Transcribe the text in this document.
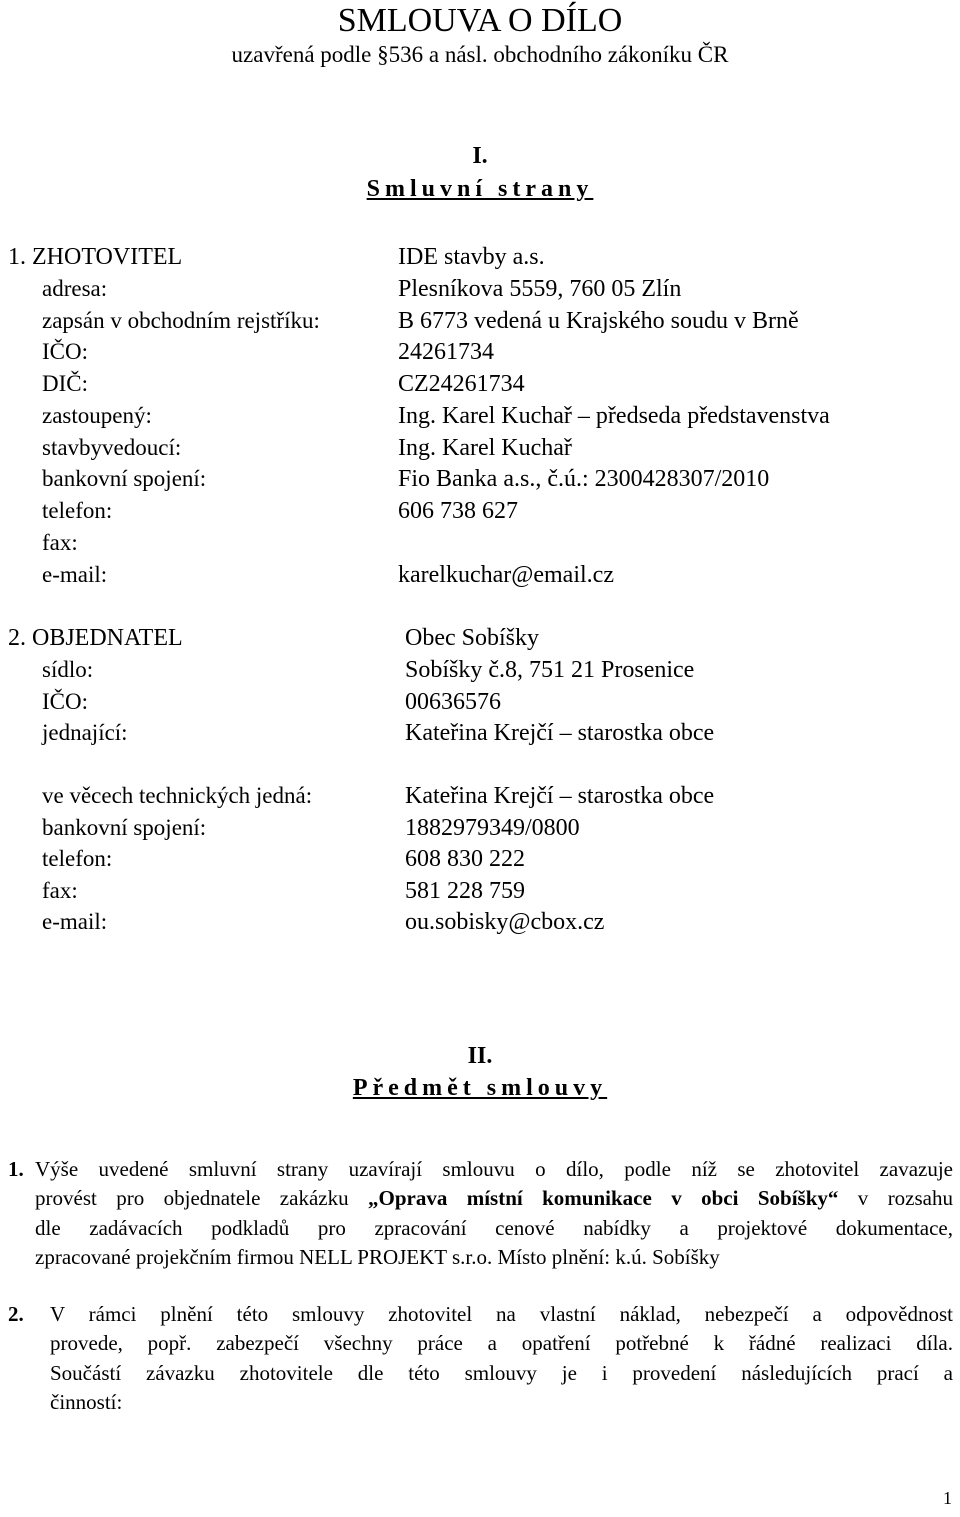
SMLOUVA O DÍLO
uzavřená podle §536 a násl. obchodního zákoníku ČR
I.
Smluvní strany
1. ZHOTOVITEL	IDE stavby a.s.
adresa:	Plesníkova 5559, 760 05 Zlín
zapsán v obchodním rejstříku:	B 6773 vedená u Krajského soudu v Brně
IČO:	24261734
DIČ:	CZ24261734
zastoupený:	Ing. Karel Kuchař – předseda představenstva
stavbyvedoucí:	Ing. Karel Kuchař
bankovní spojení:	Fio Banka a.s., č.ú.: 2300428307/2010
telefon:	606 738 627
fax:
e-mail:	karelkuchar@email.cz
2. OBJEDNATEL	Obec Sobíšky
sídlo:	Sobíšky č.8, 751 21 Prosenice
IČO:	00636576
jednající:	Kateřina Krejčí – starostka obce
ve věcech technických jedná:	Kateřina Krejčí – starostka obce
bankovní spojení:	1882979349/0800
telefon:	608 830 222
fax:	581 228 759
e-mail:	ou.sobisky@cbox.cz
II.
Předmět smlouvy
1. Výše uvedené smluvní strany uzavírají smlouvu o dílo, podle níž se zhotovitel zavazuje
provést pro objednatele zakázku „Oprava místní komunikace v obci Sobíšky“ v rozsahu
dle zadávacích podkladů pro zpracování cenové nabídky a projektové dokumentace,
zpracované projekčním firmou NELL PROJEKT s.r.o. Místo plnění: k.ú. Sobíšky
2. V rámci plnění této smlouvy zhotovitel na vlastní náklad, nebezpečí a odpovědnost
provede, popř. zabezpečí všechny práce a opatření potřebné k řádné realizaci díla.
Součástí závazku zhotovitele dle této smlouvy je i provedení následujících prací a
činností:
1
